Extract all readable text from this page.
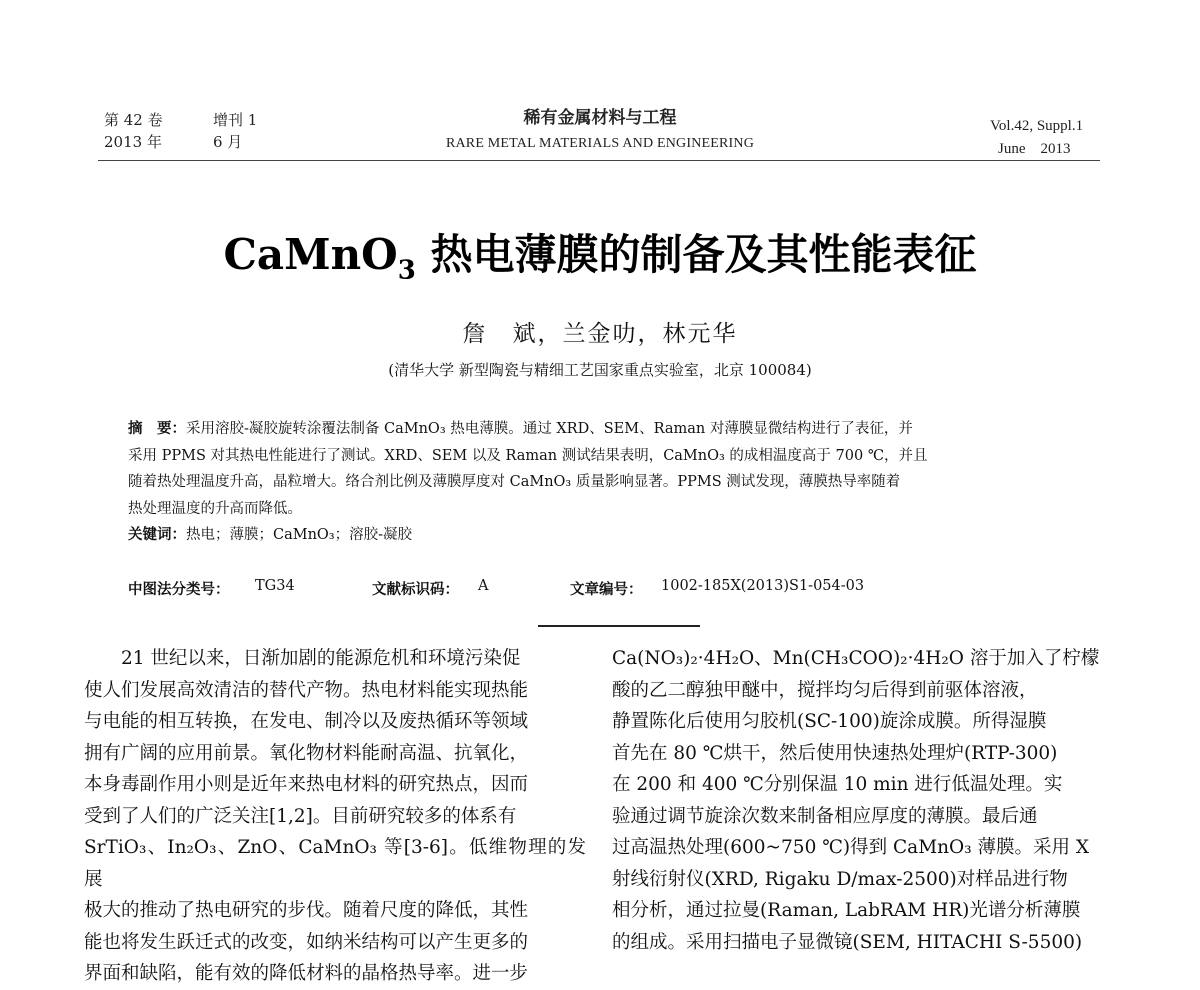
第 42 卷	增刊 1
2013 年	6 月
稀有金属材料与工程
RARE METAL MATERIALS AND ENGINEERING
Vol.42, Suppl.1
June    2013
CaMnO$_3$ 热电薄膜的制备及其性能表征
詹　斌，兰金叻，林元华
(清华大学 新型陶瓷与精细工艺国家重点实验室，北京 100084)

摘　要：采用溶胶-凝胶旋转涂覆法制备 CaMnO₃ 热电薄膜。通过 XRD、SEM、Raman 对薄膜显微结构进行了表征，并

采用 PPMS 对其热电性能进行了测试。XRD、SEM 以及 Raman 测试结果表明，CaMnO₃ 的成相温度高于 700 ℃，并且

随着热处理温度升高，晶粒增大。络合剂比例及薄膜厚度对 CaMnO₃ 质量影响显著。PPMS 测试发现，薄膜热导率随着

热处理温度的升高而降低。

关键词：热电；薄膜；CaMnO₃；溶胶-凝胶

中图法分类号： TG34	文献标识码： A	文章编号： 1002-185X(2013)S1-054-03

　　21 世纪以来，日渐加剧的能源危机和环境污染促

使人们发展高效清洁的替代产物。热电材料能实现热能

与电能的相互转换，在发电、制冷以及废热循环等领域

拥有广阔的应用前景。氧化物材料能耐高温、抗氧化，

本身毒副作用小则是近年来热电材料的研究热点，因而

受到了人们的广泛关注[1,2]。目前研究较多的体系有

SrTiO₃、In₂O₃、ZnO、CaMnO₃ 等[3-6]。低维物理的发展

极大的推动了热电研究的步伐。随着尺度的降低，其性

能也将发生跃迁式的改变，如纳米结构可以产生更多的

界面和缺陷，能有效的降低材料的晶格热导率。进一步

Ca(NO₃)₂·4H₂O、Mn(CH₃COO)₂·4H₂O 溶于加入了柠檬

酸的乙二醇独甲醚中，搅拌均匀后得到前驱体溶液，

静置陈化后使用匀胶机(SC-100)旋涂成膜。所得湿膜

首先在 80 ℃烘干，然后使用快速热处理炉(RTP-300)

在 200 和 400 ℃分别保温 10 min 进行低温处理。实

验通过调节旋涂次数来制备相应厚度的薄膜。最后通

过高温热处理(600~750 ℃)得到 CaMnO₃ 薄膜。采用 X

射线衍射仪(XRD, Rigaku D/max-2500)对样品进行物

相分析，通过拉曼(Raman, LabRAM HR)光谱分析薄膜

的组成。采用扫描电子显微镜(SEM, HITACHI S-5500)
